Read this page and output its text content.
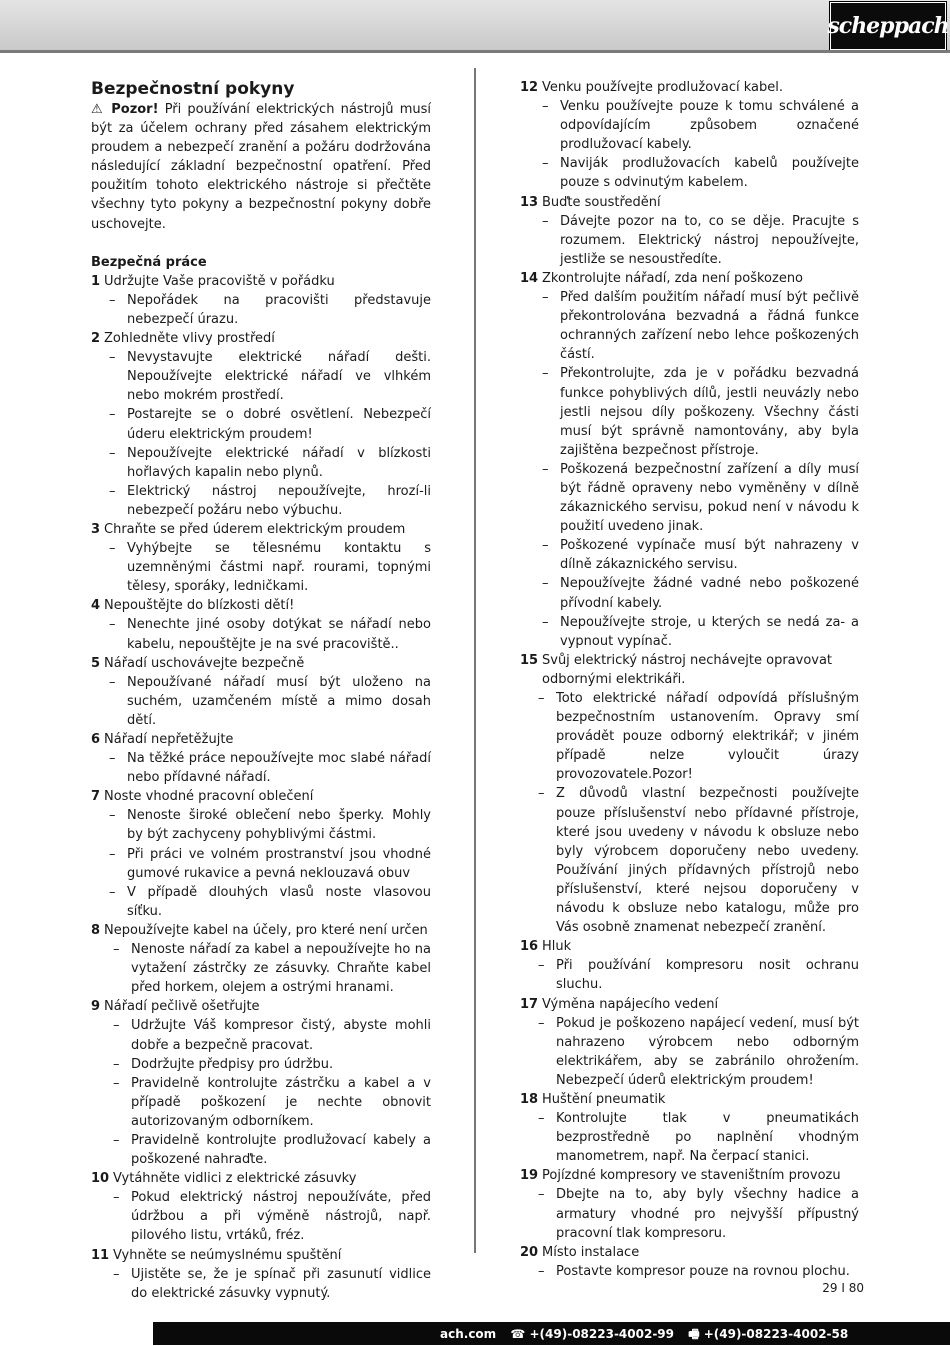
scheppach
Bezpečnostní pokyny

⚠ Pozor! Při používání elektrických nástrojů musí být za účelem ochrany před zásahem elektrickým proudem a nebezpečí zranění a požáru dodržována následující základní bezpečnostní opatření. Před použitím tohoto elektrického nástroje si přečtěte všechny tyto pokyny a bezpečnostní pokyny dobře uschovejte.

Bezpečná práce
1 Udržujte Vaše pracoviště v pořádku
– Nepořádek na pracovišti představuje nebezpečí úrazu.
2 Zohledněte vlivy prostředí
– Nevystavujte elektrické nářadí dešti. Nepoužívejte elektrické nářadí ve vlhkém nebo mokrém prostředí.
– Postarejte se o dobré osvětlení. Nebezpečí úderu elektrickým proudem!
– Nepoužívejte elektrické nářadí v blízkosti hořlavých kapalin nebo plynů.
– Elektrický nástroj nepoužívejte, hrozí-li nebezpečí požáru nebo výbuchu.
3 Chraňte se před úderem elektrickým proudem
– Vyhýbejte se tělesnému kontaktu s uzemněnými částmi např. rourami, topnými tělesy, sporáky, ledničkami.
4 Nepouštějte do blízkosti dětí!
– Nenechte jiné osoby dotýkat se nářadí nebo kabelu, nepouštějte je na své pracoviště..
5 Nářadí uschovávejte bezpečně
– Nepoužívané nářadí musí být uloženo na suchém, uzamčeném místě a mimo dosah dětí.
6 Nářadí nepřetěžujte
– Na těžké práce nepoužívejte moc slabé nářadí nebo přídavné nářadí.
7 Noste vhodné pracovní oblečení
– Nenoste široké oblečení nebo šperky. Mohly by být zachyceny pohyblivými částmi.
– Při práci ve volném prostranství jsou vhodné gumové rukavice a pevná neklouzavá obuv
– V případě dlouhých vlasů noste vlasovou síťku.
8 Nepoužívejte kabel na účely, pro které není určen
– Nenoste nářadí za kabel a nepoužívejte ho na vytažení zástrčky ze zásuvky. Chraňte kabel před horkem, olejem a ostrými hranami.
9 Nářadí pečlivě ošetřujte
– Udržujte Váš kompresor čistý, abyste mohli dobře a bezpečně pracovat.
– Dodržujte předpisy pro údržbu.
– Pravidelně kontrolujte zástrčku a kabel a v případě poškození je nechte obnovit autorizovaným odborníkem.
– Pravidelně kontrolujte prodlužovací kabely a poškozené nahraďte.
10 Vytáhněte vidlici z elektrické zásuvky
– Pokud elektrický nástroj nepoužíváte, před údržbou a při výměně nástrojů, např. pilového listu, vrtáků, fréz.
11 Vyhněte se neúmyslnému spuštění
– Ujistěte se, že je spínač při zasunutí vidlice do elektrické zásuvky vypnutý.
12 Venku používejte prodlužovací kabel.
– Venku používejte pouze k tomu schválené a odpovídajícím způsobem označené prodlužovací kabely.
– Naviják prodlužovacích kabelů používejte pouze s odvinutým kabelem.
13 Buďte soustředění
– Dávejte pozor na to, co se děje. Pracujte s rozumem. Elektrický nástroj nepoužívejte, jestliže se nesoustředíte.
14 Zkontrolujte nářadí, zda není poškozeno
– Před dalším použitím nářadí musí být pečlivě překontrolována bezvadná a řádná funkce ochranných zařízení nebo lehce poškozených částí.
– Překontrolujte, zda je v pořádku bezvadná funkce pohyblivých dílů, jestli neuvázly nebo jestli nejsou díly poškozeny. Všechny části musí být správně namontovány, aby byla zajištěna bezpečnost přístroje.
– Poškozená bezpečnostní zařízení a díly musí být řádně opraveny nebo vyměněny v dílně zákaznického servisu, pokud není v návodu k použití uvedeno jinak.
– Poškozené vypínače musí být nahrazeny v dílně zákaznického servisu.
– Nepoužívejte žádné vadné nebo poškozené přívodní kabely.
– Nepoužívejte stroje, u kterých se nedá za- a vypnout vypínač.
15 Svůj elektrický nástroj nechávejte opravovat odbornými elektrikáři.
– Toto elektrické nářadí odpovídá příslušným bezpečnostním ustanovením. Opravy smí provádět pouze odborný elektrikář; v jiném případě nelze vyloučit úrazy provozovatele.Pozor!
– Z důvodů vlastní bezpečnosti používejte pouze příslušenství nebo přídavné přístroje, které jsou uvedeny v návodu k obsluze nebo byly výrobcem doporučeny nebo uvedeny. Používání jiných přídavných přístrojů nebo příslušenství, které nejsou doporučeny v návodu k obsluze nebo katalogu, může pro Vás osobně znamenat nebezpečí zranění.
16 Hluk
– Při používání kompresoru nosit ochranu sluchu.
17 Výměna napájecího vedení
– Pokud je poškozeno napájecí vedení, musí být nahrazeno výrobcem nebo odborným elektrikářem, aby se zabránilo ohrožením. Nebezpečí úderů elektrickým proudem!
18 Huštění pneumatik
– Kontrolujte tlak v pneumatikách bezprostředně po naplnění vhodným manometrem, např. Na čerpací stanici.
19 Pojízdné kompresory ve staveništním provozu
– Dbejte na to, aby byly všechny hadice a armatury vhodné pro nejvyšší přípustný pracovní tlak kompresoru.
20 Místo instalace
– Postavte kompresor pouze na rovnou plochu.
29 I 80
ach.com ☎ +(49)-08223-4002-99 🖷 +(49)-08223-4002-58
